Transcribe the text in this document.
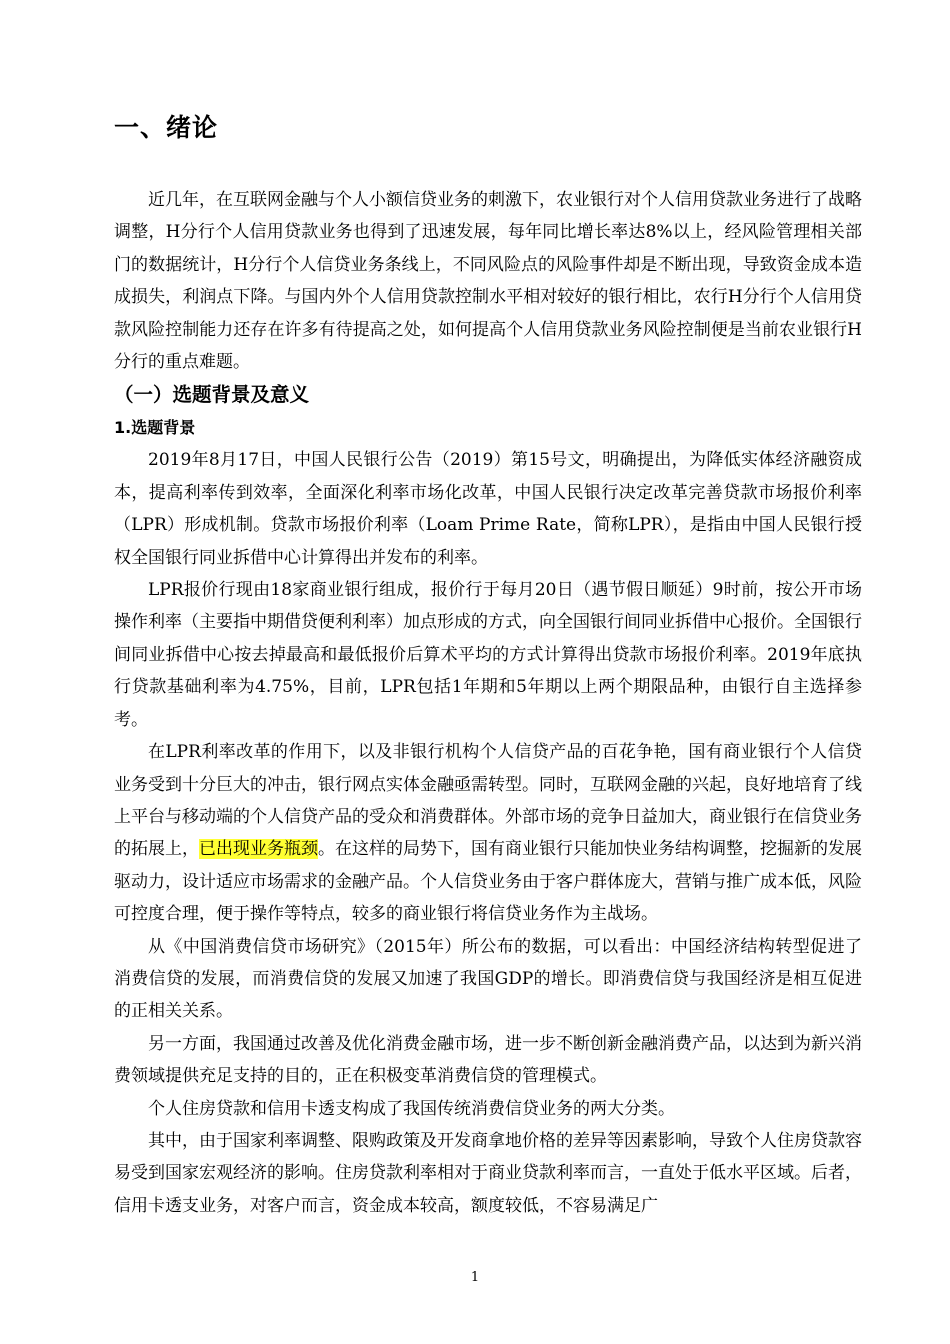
一、绪论

近几年，在互联网金融与个人小额信贷业务的刺激下，农业银行对个人信用贷款业务进行了战略调整，H分行个人信用贷款业务也得到了迅速发展，每年同比增长率达8%以上，经风险管理相关部门的数据统计，H分行个人信贷业务条线上，不同风险点的风险事件却是不断出现，导致资金成本造成损失，利润点下降。与国内外个人信用贷款控制水平相对较好的银行相比，农行H分行个人信用贷款风险控制能力还存在许多有待提高之处，如何提高个人信用贷款业务风险控制便是当前农业银行H分行的重点难题。

（一）选题背景及意义
1.选题背景

2019年8月17日，中国人民银行公告（2019）第15号文，明确提出，为降低实体经济融资成本，提高利率传到效率，全面深化利率市场化改革，中国人民银行决定改革完善贷款市场报价利率（LPR）形成机制。贷款市场报价利率（Loam Prime Rate，简称LPR），是指由中国人民银行授权全国银行同业拆借中心计算得出并发布的利率。

LPR报价行现由18家商业银行组成，报价行于每月20日（遇节假日顺延）9时前，按公开市场操作利率（主要指中期借贷便利利率）加点形成的方式，向全国银行间同业拆借中心报价。全国银行间同业拆借中心按去掉最高和最低报价后算术平均的方式计算得出贷款市场报价利率。2019年底执行贷款基础利率为4.75%，目前，LPR包括1年期和5年期以上两个期限品种，由银行自主选择参考。

在LPR利率改革的作用下，以及非银行机构个人信贷产品的百花争艳，国有商业银行个人信贷业务受到十分巨大的冲击，银行网点实体金融亟需转型。同时，互联网金融的兴起，良好地培育了线上平台与移动端的个人信贷产品的受众和消费群体。外部市场的竞争日益加大，商业银行在信贷业务的拓展上，已出现业务瓶颈。在这样的局势下，国有商业银行只能加快业务结构调整，挖掘新的发展驱动力，设计适应市场需求的金融产品。个人信贷业务由于客户群体庞大，营销与推广成本低，风险可控度合理，便于操作等特点，较多的商业银行将信贷业务作为主战场。

从《中国消费信贷市场研究》（2015年）所公布的数据，可以看出：中国经济结构转型促进了消费信贷的发展，而消费信贷的发展又加速了我国GDP的增长。即消费信贷与我国经济是相互促进的正相关关系。

另一方面，我国通过改善及优化消费金融市场，进一步不断创新金融消费产品，以达到为新兴消费领域提供充足支持的目的，正在积极变革消费信贷的管理模式。

个人住房贷款和信用卡透支构成了我国传统消费信贷业务的两大分类。

其中，由于国家利率调整、限购政策及开发商拿地价格的差异等因素影响，导致个人住房贷款容易受到国家宏观经济的影响。住房贷款利率相对于商业贷款利率而言，一直处于低水平区域。后者，信用卡透支业务，对客户而言，资金成本较高，额度较低，不容易满足广

1
